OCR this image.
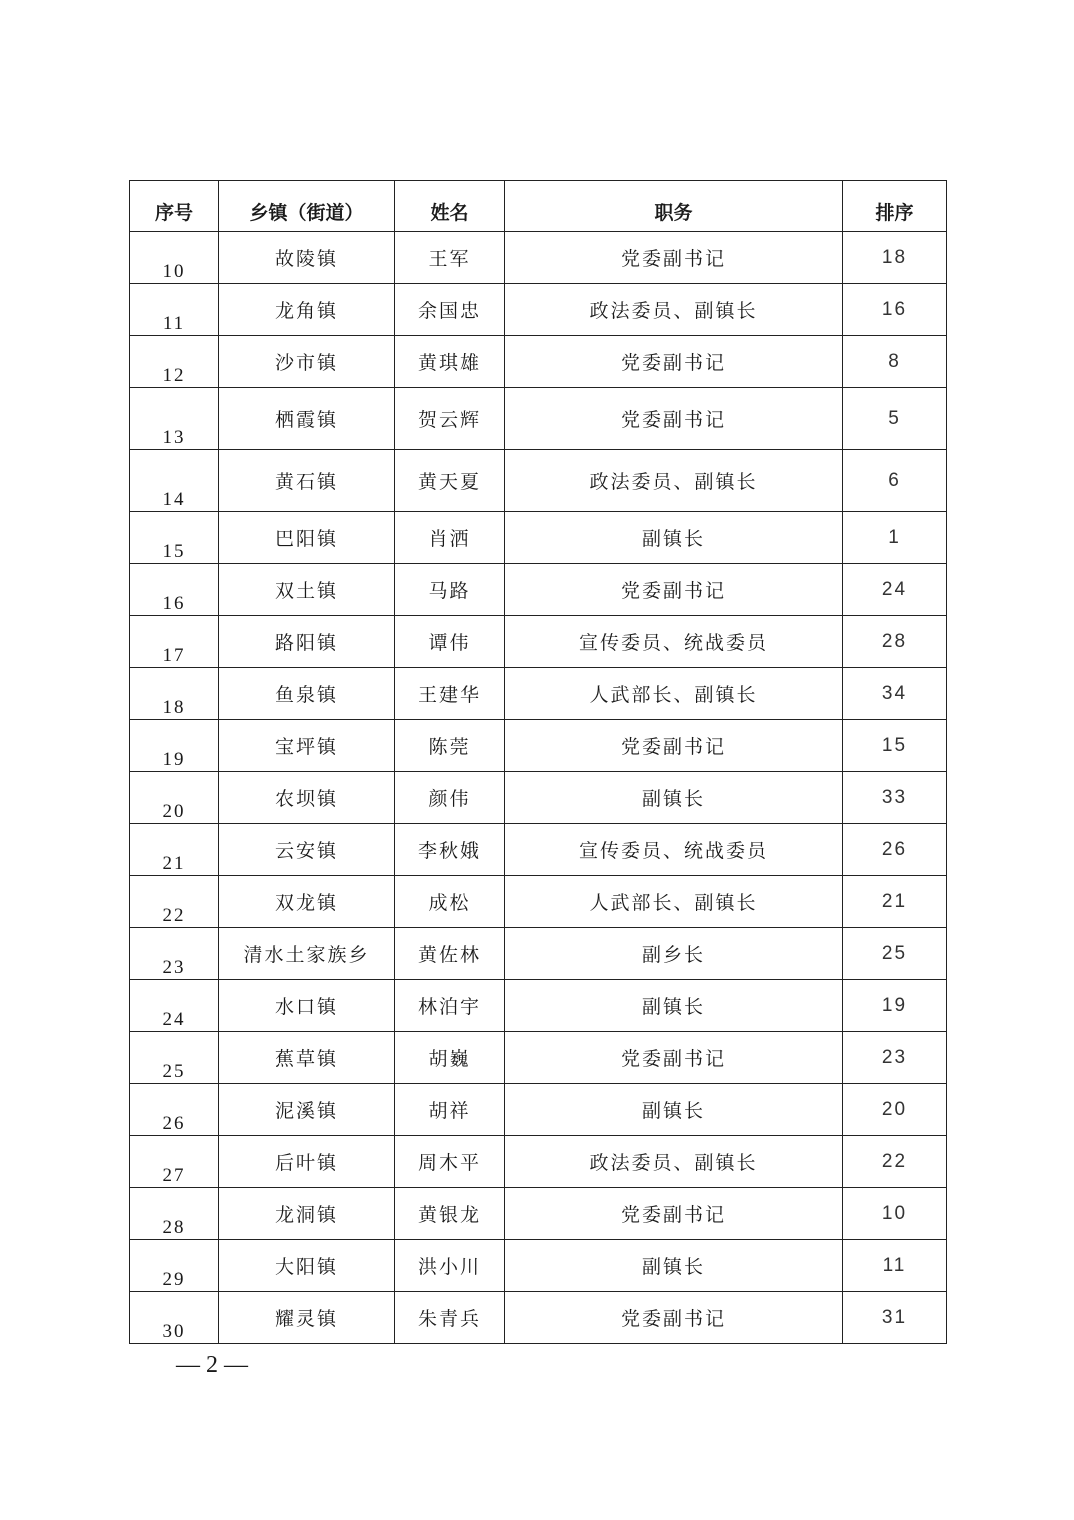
序号	乡镇（街道）	姓名	职务	排序
10	故陵镇	王军	党委副书记	18
11	龙角镇	余国忠	政法委员、副镇长	16
12	沙市镇	黄琪雄	党委副书记	8
13	栖霞镇	贺云辉	党委副书记	5
14	黄石镇	黄天夏	政法委员、副镇长	6
15	巴阳镇	肖洒	副镇长	1
16	双土镇	马路	党委副书记	24
17	路阳镇	谭伟	宣传委员、统战委员	28
18	鱼泉镇	王建华	人武部长、副镇长	34
19	宝坪镇	陈莞	党委副书记	15
20	农坝镇	颜伟	副镇长	33
21	云安镇	李秋娥	宣传委员、统战委员	26
22	双龙镇	成松	人武部长、副镇长	21
23	清水土家族乡	黄佐林	副乡长	25
24	水口镇	林泊宇	副镇长	19
25	蕉草镇	胡巍	党委副书记	23
26	泥溪镇	胡祥	副镇长	20
27	后叶镇	周木平	政法委员、副镇长	22
28	龙洞镇	黄银龙	党委副书记	10
29	大阳镇	洪小川	副镇长	11
30	耀灵镇	朱青兵	党委副书记	31
— 2 —
